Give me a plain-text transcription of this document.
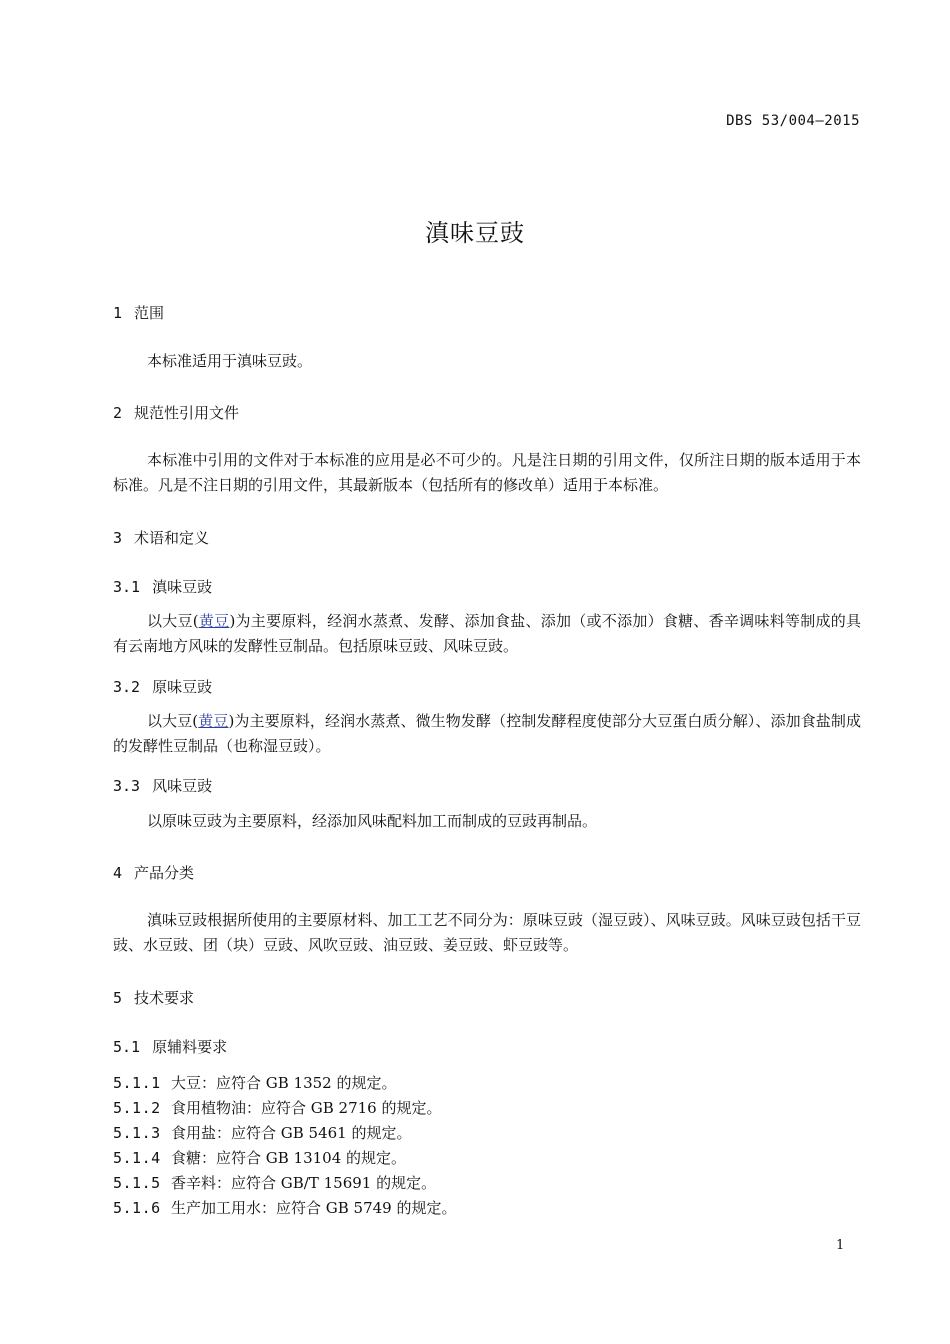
DBS 53/004—2015
滇味豆豉
1 范围
本标准适用于滇味豆豉。
2 规范性引用文件
本标准中引用的文件对于本标准的应用是必不可少的。凡是注日期的引用文件，仅所注日期的版本适用于本标准。凡是不注日期的引用文件，其最新版本（包括所有的修改单）适用于本标准。
3 术语和定义
3.1 滇味豆豉
以大豆(黄豆)为主要原料，经润水蒸煮、发酵、添加食盐、添加（或不添加）食糖、香辛调味料等制成的具有云南地方风味的发酵性豆制品。包括原味豆豉、风味豆豉。
3.2 原味豆豉
以大豆(黄豆)为主要原料，经润水蒸煮、微生物发酵（控制发酵程度使部分大豆蛋白质分解）、添加食盐制成的发酵性豆制品（也称湿豆豉）。
3.3 风味豆豉
以原味豆豉为主要原料，经添加风味配料加工而制成的豆豉再制品。
4 产品分类
滇味豆豉根据所使用的主要原材料、加工工艺不同分为：原味豆豉（湿豆豉）、风味豆豉。风味豆豉包括干豆豉、水豆豉、团（块）豆豉、风吹豆豉、油豆豉、姜豆豉、虾豆豉等。
5 技术要求
5.1 原辅料要求
5.1.1 大豆：应符合 GB 1352 的规定。
5.1.2 食用植物油：应符合 GB 2716 的规定。
5.1.3 食用盐：应符合 GB 5461 的规定。
5.1.4 食糖：应符合 GB 13104 的规定。
5.1.5 香辛料：应符合 GB/T 15691 的规定。
5.1.6 生产加工用水：应符合 GB 5749 的规定。
1
